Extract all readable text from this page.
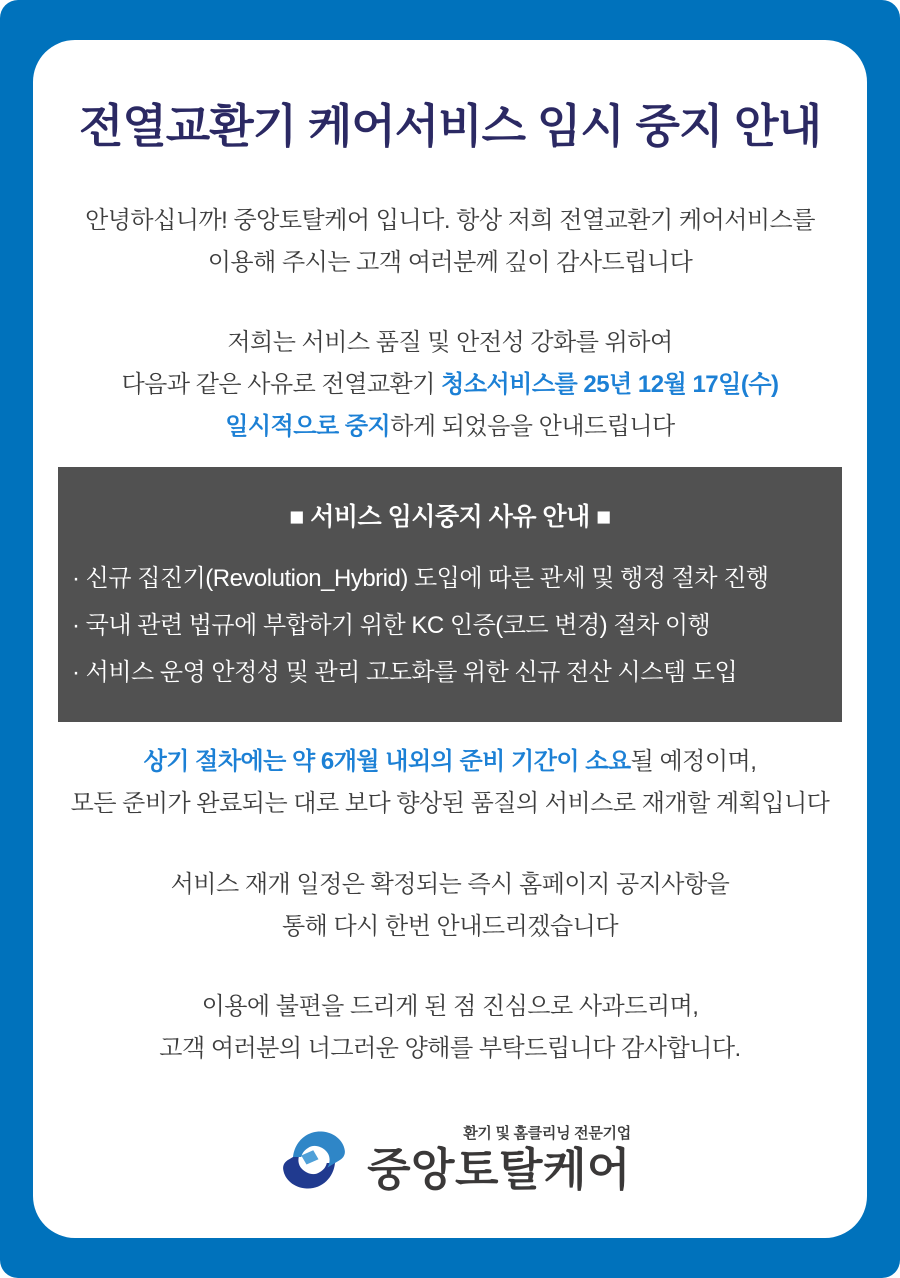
전열교환기 케어서비스 임시 중지 안내
안녕하십니까! 중앙토탈케어 입니다. 항상 저희 전열교환기 케어서비스를
이용해 주시는 고객 여러분께 깊이 감사드립니다
저희는 서비스 품질 및 안전성 강화를 위하여
다음과 같은 사유로 전열교환기 청소서비스를 25년 12월 17일(수)
일시적으로 중지하게 되었음을 안내드립니다
■ 서비스 임시중지 사유 안내 ■
· 신규 집진기(Revolution_Hybrid) 도입에 따른 관세 및 행정 절차 진행
· 국내 관련 법규에 부합하기 위한 KC 인증(코드 변경) 절차 이행
· 서비스 운영 안정성 및 관리 고도화를 위한 신규 전산 시스템 도입
상기 절차에는 약 6개월 내외의 준비 기간이 소요될 예정이며,
모든 준비가 완료되는 대로 보다 향상된 품질의 서비스로 재개할 계획입니다
서비스 재개 일정은 확정되는 즉시 홈페이지 공지사항을
통해 다시 한번 안내드리겠습니다
이용에 불편을 드리게 된 점 진심으로 사과드리며,
고객 여러분의 너그러운 양해를 부탁드립니다 감사합니다.
환기 및 홈클리닝 전문기업
중앙토탈케어
